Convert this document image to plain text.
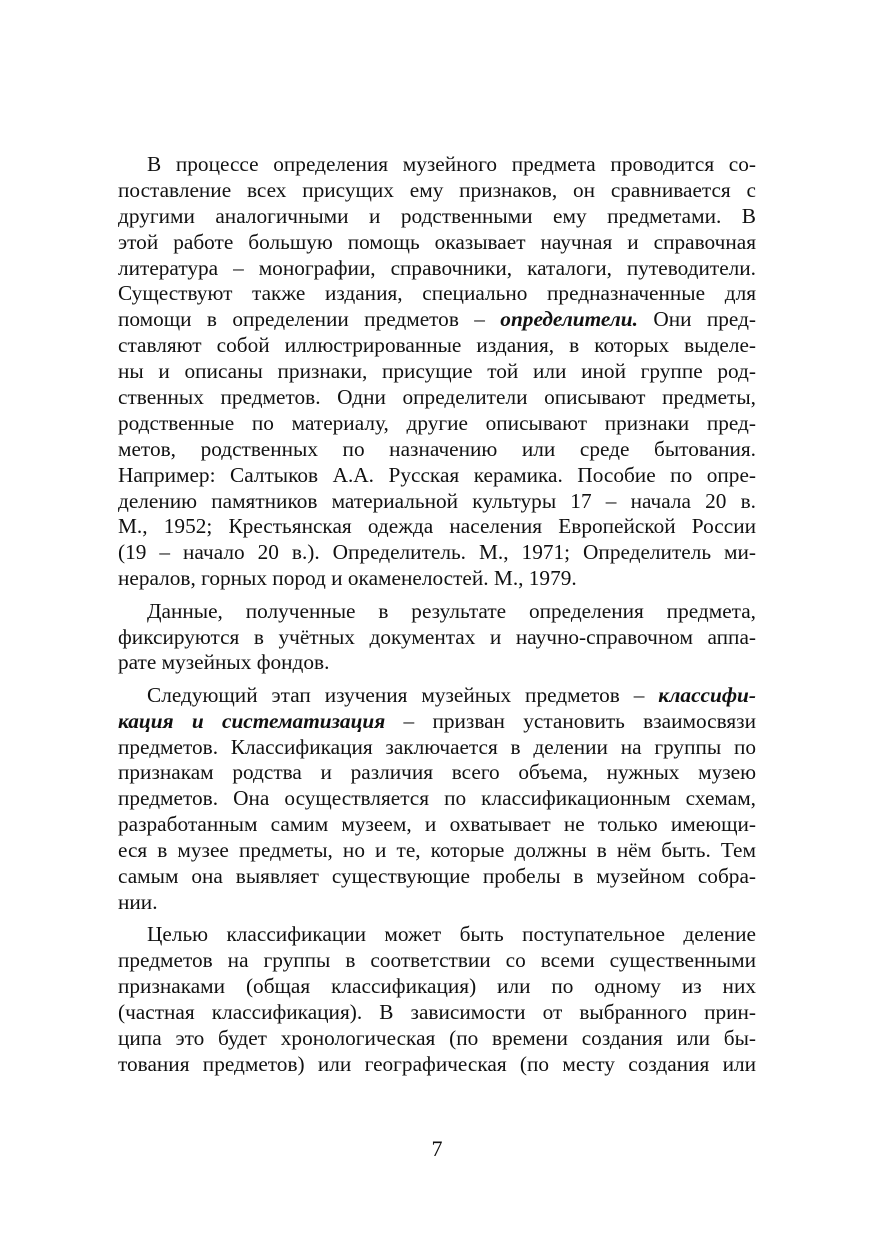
В процессе определения музейного предмета проводится со-
поставление всех присущих ему признаков, он сравнивается с
другими аналогичными и родственными ему предметами. В
этой работе большую помощь оказывает научная и справочная
литература – монографии, справочники, каталоги, путеводители.
Существуют также издания, специально предназначенные для
помощи в определении предметов – определители. Они пред-
ставляют собой иллюстрированные издания, в которых выделе-
ны и описаны признаки, присущие той или иной группе род-
ственных предметов. Одни определители описывают предметы,
родственные по материалу, другие описывают признаки пред-
метов, родственных по назначению или среде бытования.
Например: Салтыков А.А. Русская керамика. Пособие по опре-
делению памятников материальной культуры 17 – начала 20 в.
М., 1952; Крестьянская одежда населения Европейской России
(19 – начало 20 в.). Определитель. М., 1971; Определитель ми-
нералов, горных пород и окаменелостей. М., 1979.
Данные, полученные в результате определения предмета,
фиксируются в учётных документах и научно-справочном аппа-
рате музейных фондов.
Следующий этап изучения музейных предметов – классифи-
кация и систематизация – призван установить взаимосвязи
предметов. Классификация заключается в делении на группы по
признакам родства и различия всего объема, нужных музею
предметов. Она осуществляется по классификационным схемам,
разработанным самим музеем, и охватывает не только имеющи-
еся в музее предметы, но и те, которые должны в нём быть. Тем
самым она выявляет существующие пробелы в музейном собра-
нии.
Целью классификации может быть поступательное деление
предметов на группы в соответствии со всеми существенными
признаками (общая классификация) или по одному из них
(частная классификация). В зависимости от выбранного прин-
ципа это будет хронологическая (по времени создания или бы-
тования предметов) или географическая (по месту создания или
7
